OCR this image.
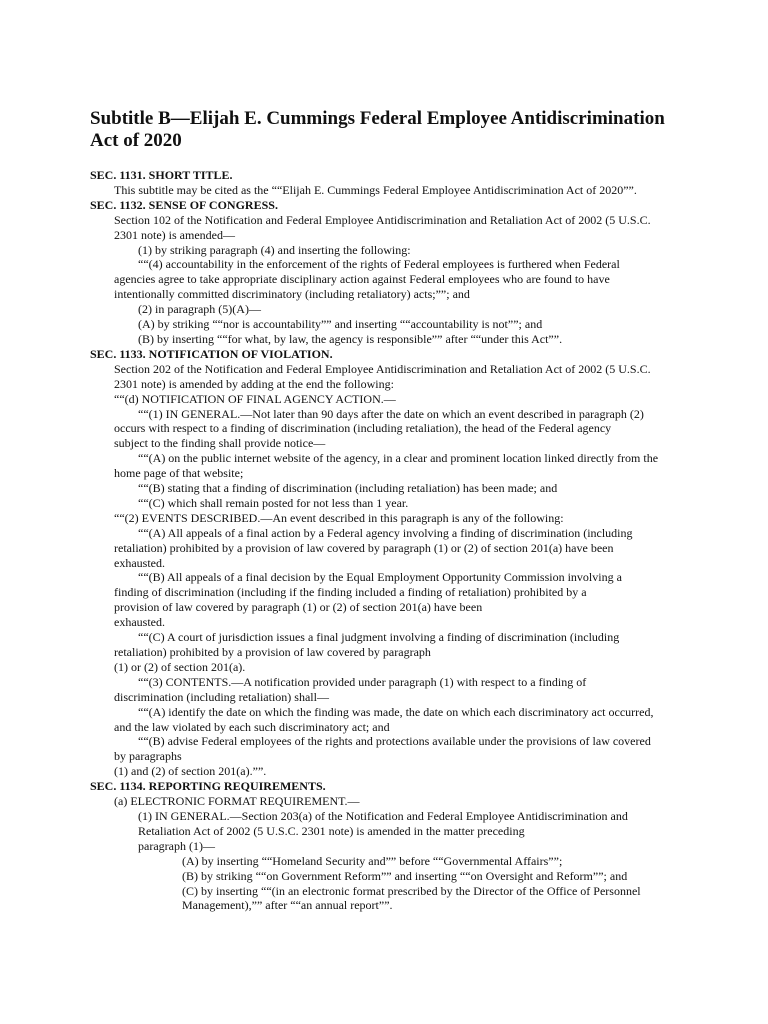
Subtitle B—Elijah E. Cummings Federal Employee Antidiscrimination
Act of 2020
SEC. 1131. SHORT TITLE.
This subtitle may be cited as the ““Elijah E. Cummings Federal Employee Antidiscrimination Act of 2020””.
SEC. 1132. SENSE OF CONGRESS.
Section 102 of the Notification and Federal Employee Antidiscrimination and Retaliation Act of 2002 (5 U.S.C.
2301 note) is amended—
(1) by striking paragraph (4) and inserting the following:
““(4) accountability in the enforcement of the rights of Federal employees is furthered when Federal
agencies agree to take appropriate disciplinary action against Federal employees who are found to have
intentionally committed discriminatory (including retaliatory) acts;””; and
(2) in paragraph (5)(A)—
(A) by striking ““nor is accountability”” and inserting ““accountability is not””; and
(B) by inserting ““for what, by law, the agency is responsible”” after ““under this Act””.
SEC. 1133. NOTIFICATION OF VIOLATION.
Section 202 of the Notification and Federal Employee Antidiscrimination and Retaliation Act of 2002 (5 U.S.C.
2301 note) is amended by adding at the end the following:
““(d) NOTIFICATION OF FINAL AGENCY ACTION.—
““(1) IN GENERAL.—Not later than 90 days after the date on which an event described in paragraph (2)
occurs with respect to a finding of discrimination (including retaliation), the head of the Federal agency
subject to the finding shall provide notice—
““(A) on the public internet website of the agency, in a clear and prominent location linked directly from the
home page of that website;
““(B) stating that a finding of discrimination (including retaliation) has been made; and
““(C) which shall remain posted for not less than 1 year.
““(2) EVENTS DESCRIBED.—An event described in this paragraph is any of the following:
““(A) All appeals of a final action by a Federal agency involving a finding of discrimination (including
retaliation) prohibited by a provision of law covered by paragraph (1) or (2) of section 201(a) have been
exhausted.
““(B) All appeals of a final decision by the Equal Employment Opportunity Commission involving a
finding of discrimination (including if the finding included a finding of retaliation) prohibited by a
provision of law covered by paragraph (1) or (2) of section 201(a) have been
exhausted.
““(C) A court of jurisdiction issues a final judgment involving a finding of discrimination (including
retaliation) prohibited by a provision of law covered by paragraph
(1) or (2) of section 201(a).
““(3) CONTENTS.—A notification provided under paragraph (1) with respect to a finding of
discrimination (including retaliation) shall—
““(A) identify the date on which the finding was made, the date on which each discriminatory act occurred,
and the law violated by each such discriminatory act; and
““(B) advise Federal employees of the rights and protections available under the provisions of law covered
by paragraphs
(1) and (2) of section 201(a).””.
SEC. 1134. REPORTING REQUIREMENTS.
(a) ELECTRONIC FORMAT REQUIREMENT.—
(1) IN GENERAL.—Section 203(a) of the Notification and Federal Employee Antidiscrimination and
Retaliation Act of 2002 (5 U.S.C. 2301 note) is amended in the matter preceding
paragraph (1)—
(A) by inserting ““Homeland Security and”” before ““Governmental Affairs””;
(B) by striking ““on Government Reform”” and inserting ““on Oversight and Reform””; and
(C) by inserting ““(in an electronic format prescribed by the Director of the Office of Personnel
Management),”” after ““an annual report””.
